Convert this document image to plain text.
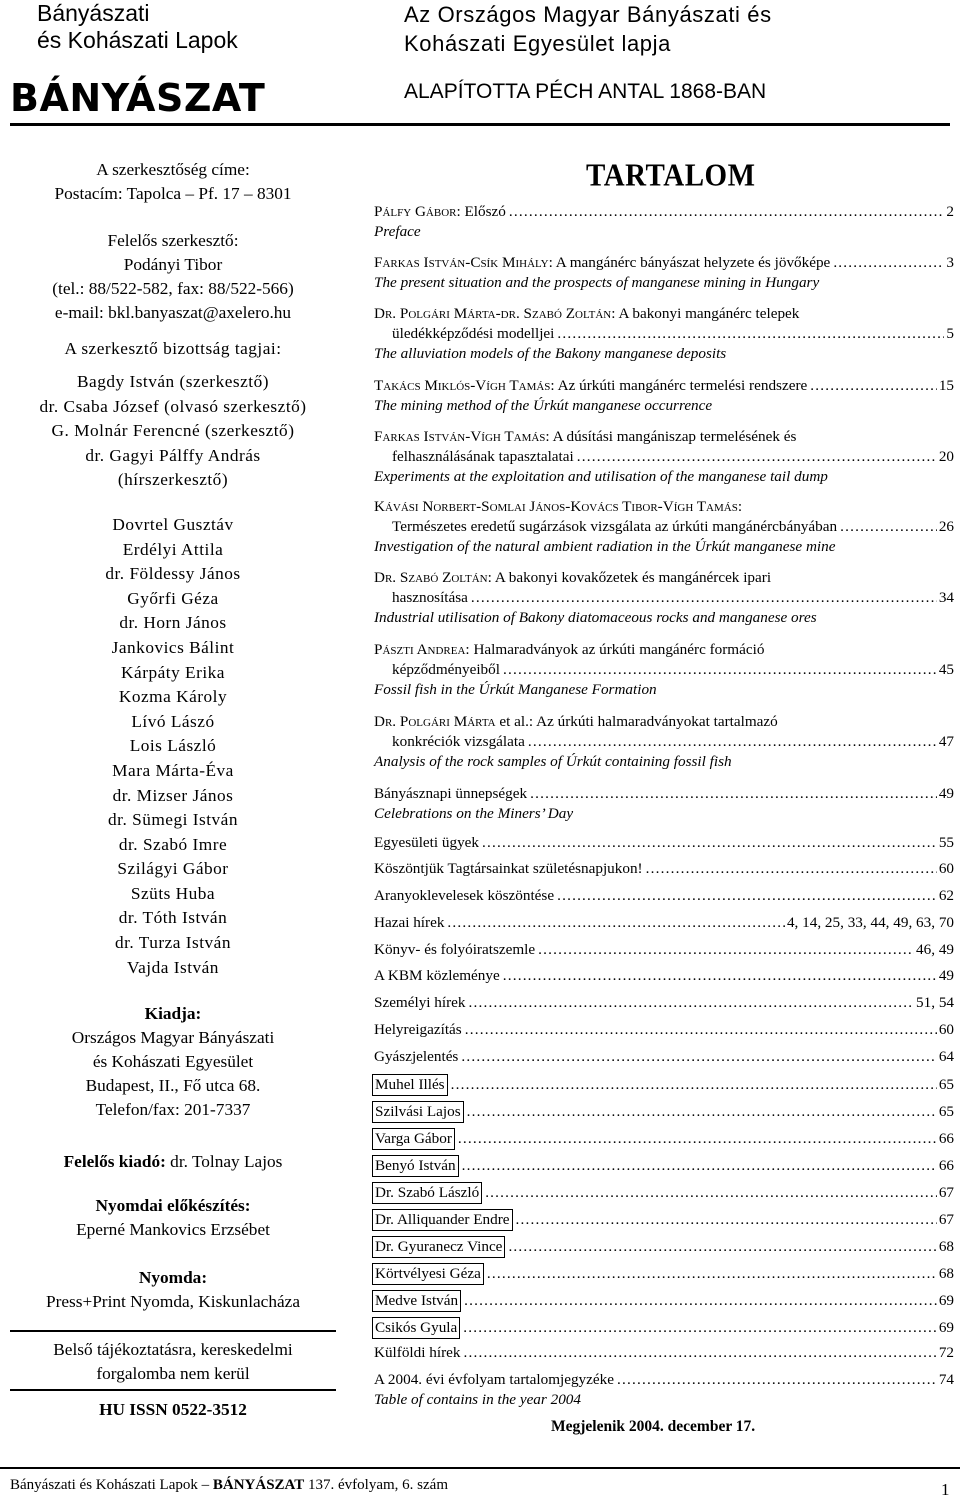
Bányászati
és Kohászati Lapok
BÁNYÁSZAT
Az Országos Magyar Bányászati és
Kohászati Egyesület lapja
ALAPÍTOTTA PÉCH ANTAL 1868-BAN
A szerkesztőség címe:
Postacím: Tapolca – Pf. 17 – 8301
Felelős szerkesztő:
Podányi Tibor
(tel.: 88/522-582, fax: 88/522-566)
e-mail: bkl.banyaszat@axelero.hu
A szerkesztő bizottság tagjai:
Bagdy István (szerkesztő)
dr. Csaba József (olvasó szerkesztő)
G. Molnár Ferencné (szerkesztő)
dr. Gagyi Pálffy András
(hírszerkesztő)
Dovrtel Gusztáv
Erdélyi Attila
dr. Földessy János
Győrfi Géza
dr. Horn János
Jankovics Bálint
Kárpáty Erika
Kozma Károly
Lívó Lászó
Lois László
Mara Márta-Éva
dr. Mizser János
dr. Sümegi István
dr. Szabó Imre
Szilágyi Gábor
Szüts Huba
dr. Tóth István
dr. Turza István
Vajda István
Kiadja:
Országos Magyar Bányászati
és Kohászati Egyesület
Budapest, II., Fő utca 68.
Telefon/fax: 201-7337
Felelős kiadó: dr. Tolnay Lajos
Nyomdai előkészítés:
Eperné Mankovics Erzsébet
Nyomda:
Press+Print Nyomda, Kiskunlacháza
Belső tájékoztatásra, kereskedelmi
forgalomba nem kerül
HU ISSN 0522-3512
TARTALOM
Pálfy Gábor: Előszó .....	2
Preface
Farkas István-Csík Mihály: A mangánérc bányászat helyzete és jövőképe .....	3
The present situation and the prospects of manganese mining in Hungary
Dr. Polgári Márta-dr. Szabó Zoltán: A bakonyi mangánérc telepek
üledékképződési modelljei .....	5
The alluviation models of the Bakony manganese deposits
Takács Miklós-Vígh Tamás: Az úrkúti mangánérc termelési rendszere .....	15
The mining method of the Úrkút manganese occurrence
Farkas István-Vígh Tamás: A dúsítási mangániszap termelésének és
felhasználásának tapasztalatai .....	20
Experiments at the exploitation and utilisation of the manganese tail dump
Kávási Norbert-Somlai János-Kovács Tibor-Vígh Tamás:
Természetes eredetű sugárzások vizsgálata az úrkúti mangánércbányában .....	26
Investigation of the natural ambient radiation in the Úrkút manganese mine
Dr. Szabó Zoltán: A bakonyi kovakőzetek és mangánércek ipari
hasznosítása .....	34
Industrial utilisation of Bakony diatomaceous rocks and manganese ores
Pászti Andrea: Halmaradványok az úrkúti mangánérc formáció
képződményeiből .....	45
Fossil fish in the Úrkút Manganese Formation
Dr. Polgári Márta et al.: Az úrkúti halmaradványokat tartalmazó
konkréciók vizsgálata .....	47
Analysis of the rock samples of Úrkút containing fossil fish
Bányásznapi ünnepségek .....	49
Celebrations on the Miners’ Day
Egyesületi ügyek .....	55
Köszöntjük Tagtársainkat születésnapjukon! .....	60
Aranyoklevelesek köszöntése .....	62
Hazai hírek .....	4, 14, 25, 33, 44, 49, 63, 70
Könyv- és folyóiratszemle .....	46, 49
A KBM közleménye .....	49
Személyi hírek .....	51, 54
Helyreigazítás .....	60
Gyászjelentés .....	64
Muhel Illés .....	65
Szilvási Lajos .....	65
Varga Gábor .....	66
Benyó István .....	66
Dr. Szabó László .....	67
Dr. Alliquander Endre .....	67
Dr. Gyuranecz Vince .....	68
Körtvélyesi Géza .....	68
Medve István .....	69
Csikós Gyula .....	69
Külföldi hírek .....	72
A 2004. évi évfolyam tartalomjegyzéke .....	74
Table of contains in the year 2004
Megjelenik 2004. december 17.
Bányászati és Kohászati Lapok – BÁNYÁSZAT 137. évfolyam, 6. szám	1
